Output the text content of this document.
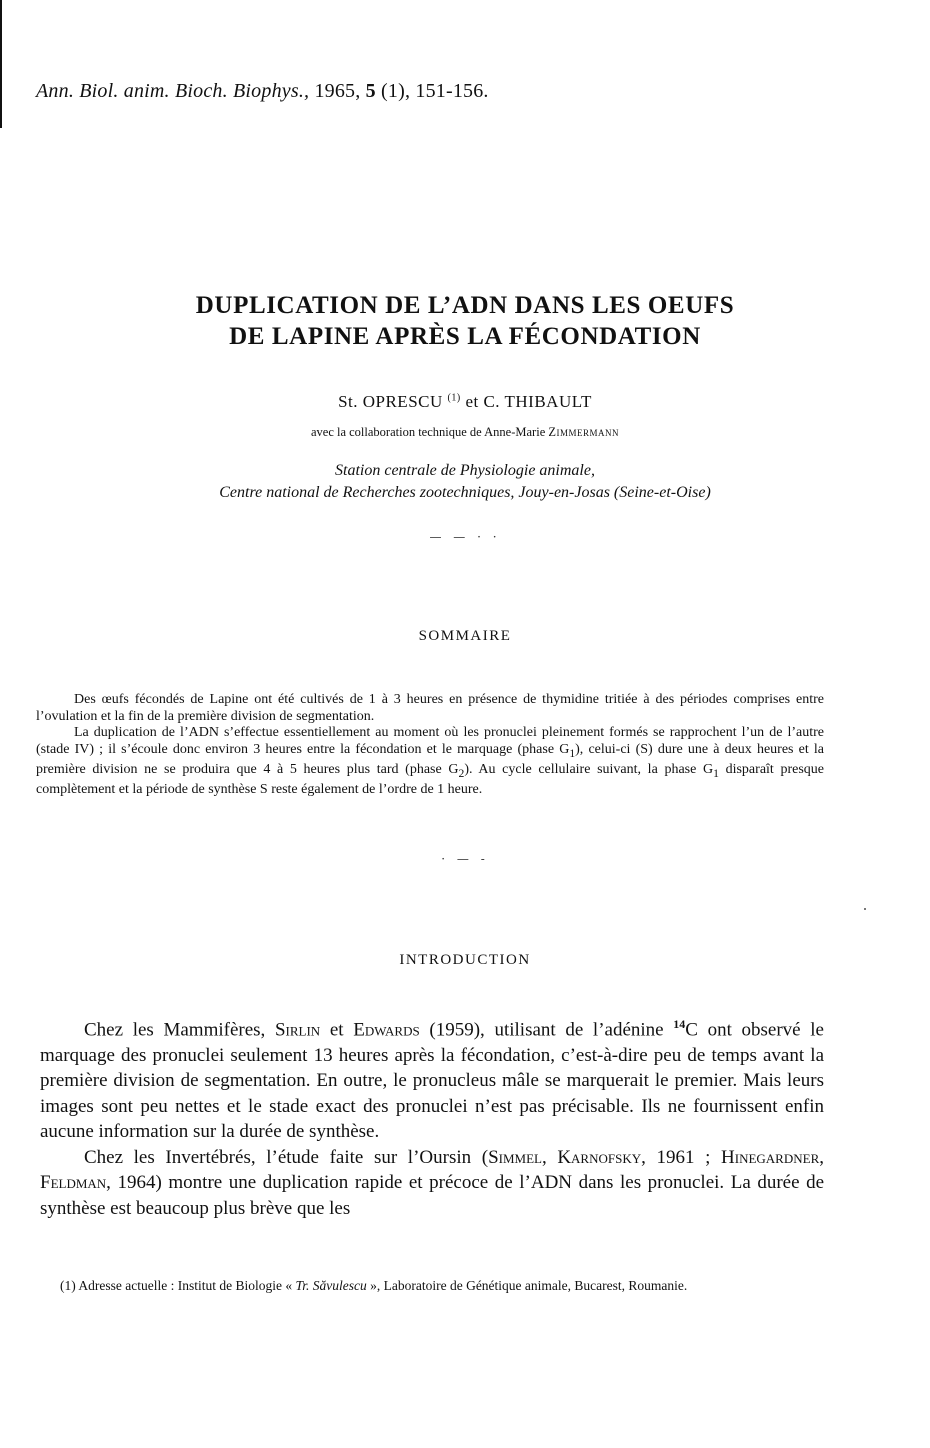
Ann. Biol. anim. Bioch. Biophys., 1965, 5 (1), 151-156.
DUPLICATION DE L’ADN DANS LES OEUFS
DE LAPINE APRÈS LA FÉCONDATION
St. OPRESCU $^{(1)}$ et C. THIBAULT
avec la collaboration technique de Anne-Marie Zimmermann
Station centrale de Physiologie animale,
Centre national de Recherches zootechniques, Jouy-en-Josas (Seine-et-Oise)
— — · ·
SOMMAIRE

Des œufs fécondés de Lapine ont été cultivés de 1 à 3 heures en présence de thymidine tritiée à des périodes comprises entre l’ovulation et la fin de la première division de segmentation.

La duplication de l’ADN s’effectue essentiellement au moment où les pronuclei pleinement formés se rapprochent l’un de l’autre (stade IV) ; il s’écoule donc environ 3 heures entre la fécondation et le marquage (phase $G_1$), celui-ci (S) dure une à deux heures et la première division ne se produira que 4 à 5 heures plus tard (phase $G_2$). Au cycle cellulaire suivant, la phase $G_1$ disparaît presque complètement et la période de synthèse S reste également de l’ordre de 1 heure.

· — -
INTRODUCTION

Chez les Mammifères, Sirlin et Edwards (1959), utilisant de l’adénine $^{14}$C ont observé le marquage des pronuclei seulement 13 heures après la fécondation, c’est-à-dire peu de temps avant la première division de segmentation. En outre, le pronucleus mâle se marquerait le premier. Mais leurs images sont peu nettes et le stade exact des pronuclei n’est pas précisable. Ils ne fournissent enfin aucune information sur la durée de synthèse.

Chez les Invertébrés, l’étude faite sur l’Oursin (Simmel, Karnofsky, 1961 ; Hinegardner, Feldman, 1964) montre une duplication rapide et précoce de l’ADN dans les pronuclei. La durée de synthèse est beaucoup plus brève que les

(1) Adresse actuelle : Institut de Biologie « Tr. Săvulescu », Laboratoire de Génétique animale, Bucarest, Roumanie.
